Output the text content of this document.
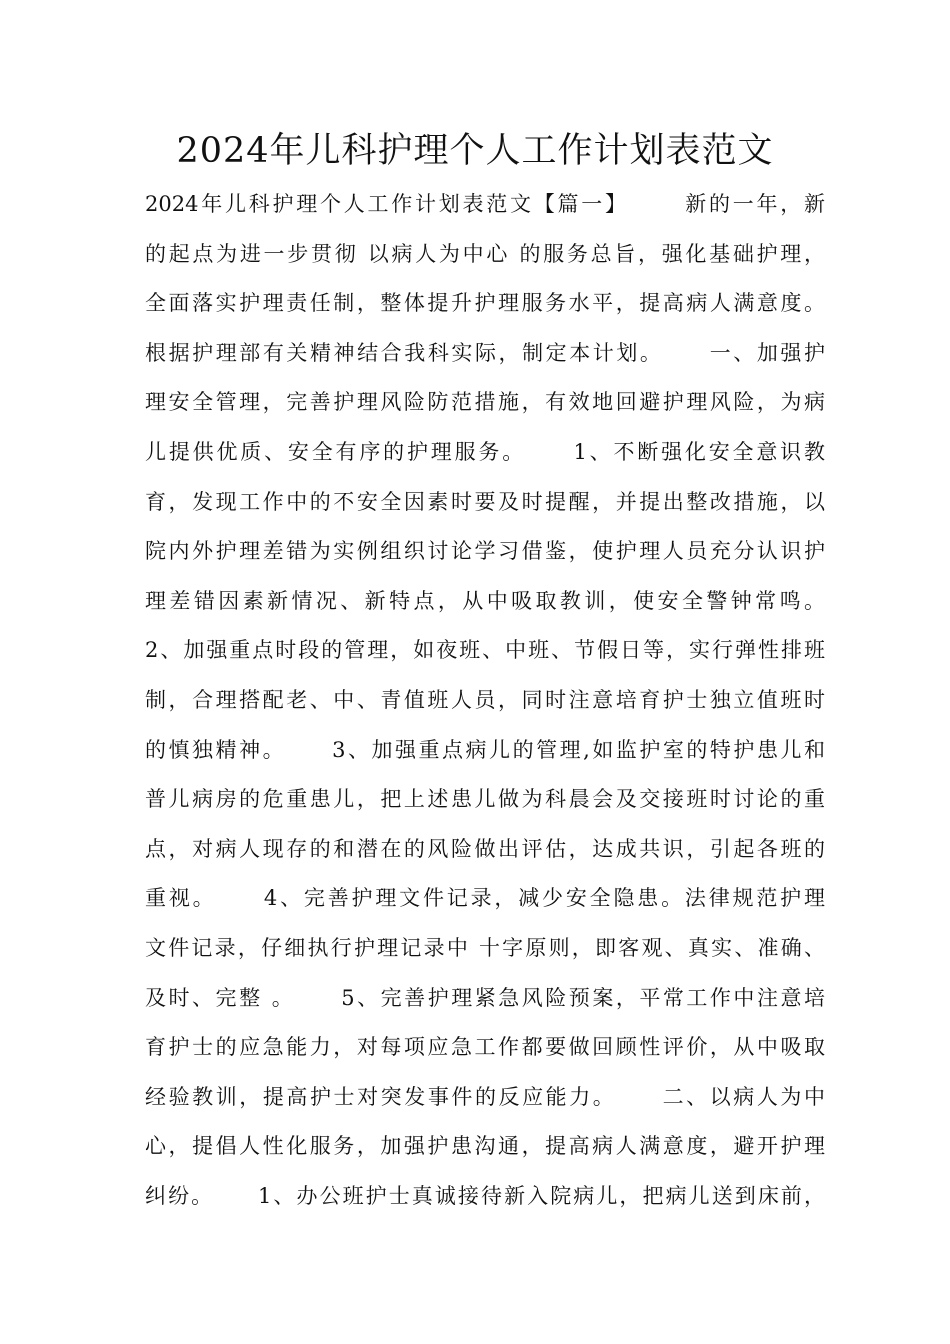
2024年儿科护理个人工作计划表范文
2024年儿科护理个人工作计划表范文【篇一】      新的一年，新
的起点为进一步贯彻 以病人为中心 的服务总旨，强化基础护理，
全面落实护理责任制，整体提升护理服务水平，提高病人满意度。
根据护理部有关精神结合我科实际，制定本计划。     一、加强护
理安全管理，完善护理风险防范措施，有效地回避护理风险，为病
儿提供优质、安全有序的护理服务。     1、不断强化安全意识教
育，发现工作中的不安全因素时要及时提醒，并提出整改措施，以
院内外护理差错为实例组织讨论学习借鉴，使护理人员充分认识护
理差错因素新情况、新特点，从中吸取教训，使安全警钟常鸣。
2、加强重点时段的管理，如夜班、中班、节假日等，实行弹性排班
制，合理搭配老、中、青值班人员，同时注意培育护士独立值班时
的慎独精神。     3、加强重点病儿的管理,如监护室的特护患儿和
普儿病房的危重患儿，把上述患儿做为科晨会及交接班时讨论的重
点，对病人现存的和潜在的风险做出评估，达成共识，引起各班的
重视。     4、完善护理文件记录，减少安全隐患。法律规范护理
文件记录，仔细执行护理记录中 十字原则，即客观、真实、准确、
及时、完整 。     5、完善护理紧急风险预案，平常工作中注意培
育护士的应急能力，对每项应急工作都要做回顾性评价，从中吸取
经验教训，提高护士对突发事件的反应能力。     二、以病人为中
心，提倡人性化服务，加强护患沟通，提高病人满意度，避开护理
纠纷。     1、办公班护士真诚接待新入院病儿，把病儿送到床前，
